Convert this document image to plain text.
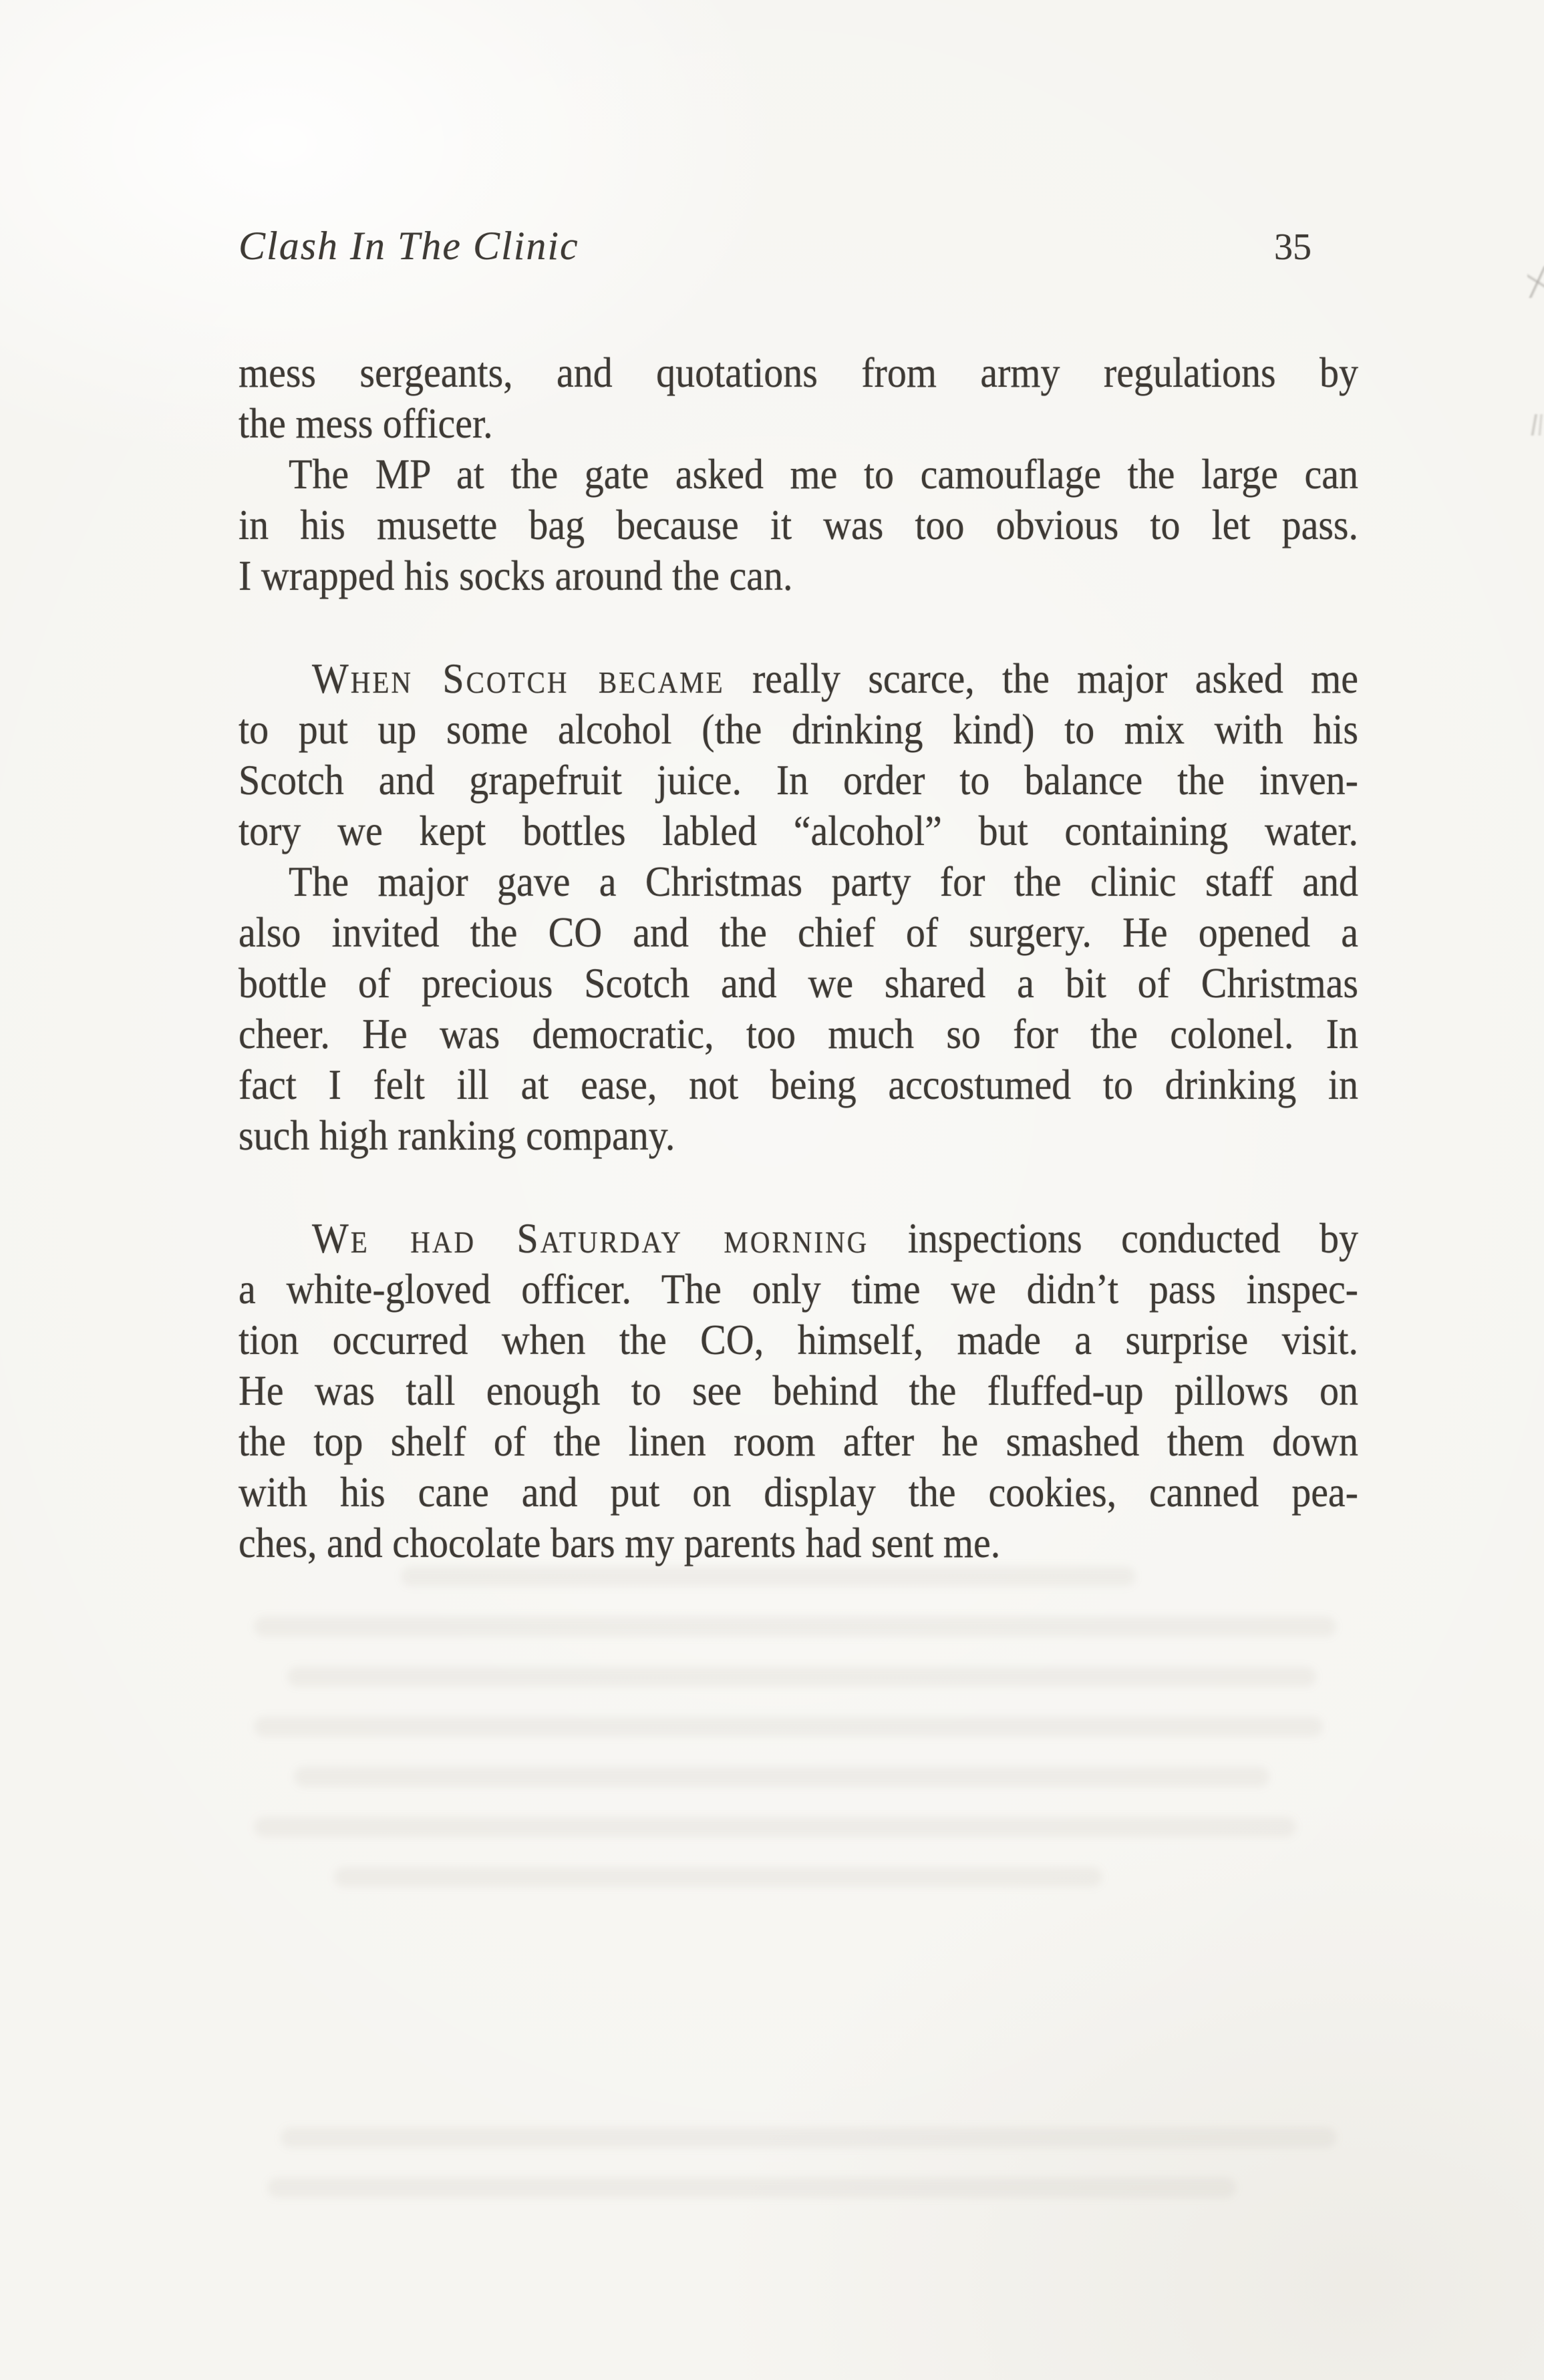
Clash In The Clinic	35
mess sergeants, and quotations from army regulations by
the mess officer.
The MP at the gate asked me to camouflage the large can
in his musette bag because it was too obvious to let pass.
I wrapped his socks around the can.
When Scotch became really scarce, the major asked me
to put up some alcohol (the drinking kind) to mix with his
Scotch and grapefruit juice. In order to balance the inven-
tory we kept bottles labled “alcohol” but containing water.
The major gave a Christmas party for the clinic staff and
also invited the CO and the chief of surgery. He opened a
bottle of precious Scotch and we shared a bit of Christmas
cheer. He was democratic, too much so for the colonel. In
fact I felt ill at ease, not being accostumed to drinking in
such high ranking company.
We had Saturday morning inspections conducted by
a white-gloved officer. The only time we didn’t pass inspec-
tion occurred when the CO, himself, made a surprise visit.
He was tall enough to see behind the fluffed-up pillows on
the top shelf of the linen room after he smashed them down
with his cane and put on display the cookies, canned pea-
ches, and chocolate bars my parents had sent me.
